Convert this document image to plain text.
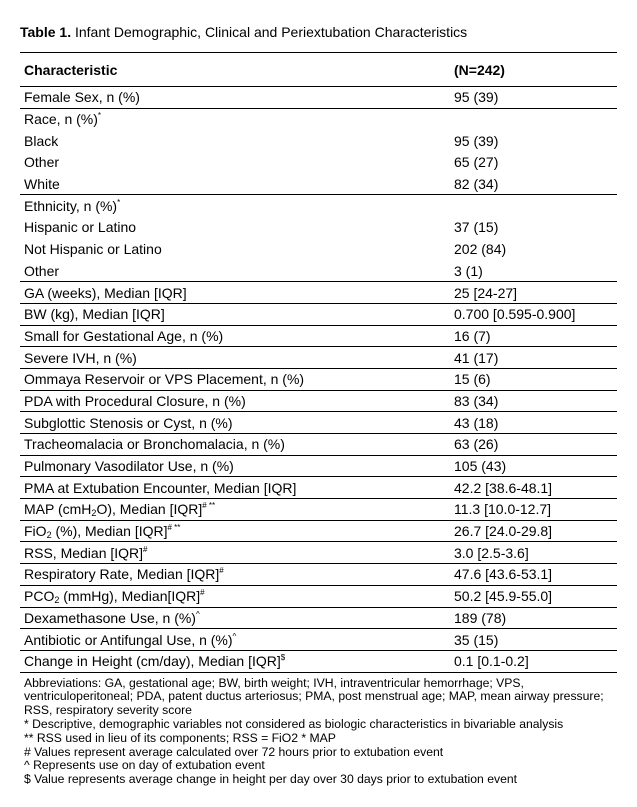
Table 1. Infant Demographic, Clinical and Periextubation Characteristics
Characteristic	(N=242)
Female Sex, n (%)	95 (39)
Race, n (%)*	
Black	95 (39)
Other	65 (27)
White	82 (34)
Ethnicity, n (%)*	
Hispanic or Latino	37 (15)
Not Hispanic or Latino	202 (84)
Other	3 (1)
GA (weeks), Median [IQR]	25 [24-27]
BW (kg), Median [IQR]	0.700 [0.595-0.900]
Small for Gestational Age, n (%)	16 (7)
Severe IVH, n (%)	41 (17)
Ommaya Reservoir or VPS Placement, n (%)	15 (6)
PDA with Procedural Closure, n (%)	83 (34)
Subglottic Stenosis or Cyst, n (%)	43 (18)
Tracheomalacia or Bronchomalacia, n (%)	63 (26)
Pulmonary Vasodilator Use, n (%)	105 (43)
PMA at Extubation Encounter, Median [IQR]	42.2 [38.6-48.1]
MAP (cmH$_2$O), Median [IQR]# **	11.3 [10.0-12.7]
FiO$_2$ (%), Median [IQR]# **	26.7 [24.0-29.8]
RSS, Median [IQR]#	3.0 [2.5-3.6]
Respiratory Rate, Median [IQR]#	47.6 [43.6-53.1]
$PCO_2$ (mmHg), Median[IQR]#	50.2 [45.9-55.0]
Dexamethasone Use, n (%)^	189 (78)
Antibiotic or Antifungal Use, n (%)^	35 (15)
Change in Height (cm/day), Median [IQR]$	0.1 [0.1-0.2]
Abbreviations: GA, gestational age; BW, birth weight; IVH, intraventricular hemorrhage; VPS, ventriculoperitoneal; PDA, patent ductus arteriosus; PMA, post menstrual age; MAP, mean airway pressure; RSS, respiratory severity score
* Descriptive, demographic variables not considered as biologic characteristics in bivariable analysis
** RSS used in lieu of its components; RSS = FiO2 * MAP
# Values represent average calculated over 72 hours prior to extubation event
^ Represents use on day of extubation event
$ Value represents average change in height per day over 30 days prior to extubation event
